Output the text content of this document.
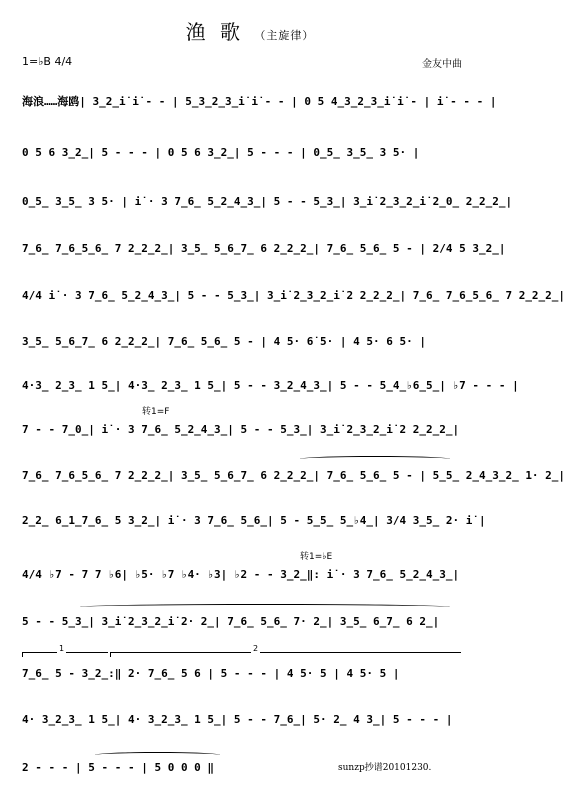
渔 歌 （主旋律）
1=♭B 4/4	金友中曲
海浪……海鸥| 3̲2̲i̇ i̇ - - | 5̲3̲2̲3̲i̇ i̇ - - | 0 5 4̲3̲2̲3̲i̇ i̇ - | i̇ - - - |
0 5 6 3̲2̲| 5 - - - | 0 5 6 3̲2̲| 5 - - - | 0̲5̲ 3̲5̲ 3 5· |
0̲5̲ 3̲5̲ 3 5· | i̇ · 3 7̲6̲ 5̲2̲4̲3̲| 5 - - 5̲3̲| 3̲i̇ 2̲3̲2̲i̇ 2̲0̲ 2̲2̲2̲|
7̲6̲ 7̲6̲5̲6̲ 7 2̲2̲2̲| 3̲5̲ 5̲6̲7̲ 6 2̲2̲2̲| 7̲6̲ 5̲6̲ 5 - | 2/4 5 3̲2̲|
4/4 i̇ · 3 7̲6̲ 5̲2̲4̲3̲| 5 - - 5̲3̲| 3̲i̇ 2̲3̲2̲i̇ 2 2̲2̲2̲| 7̲6̲ 7̲6̲5̲6̲ 7 2̲2̲2̲|
3̲5̲ 5̲6̲7̲ 6 2̲2̲2̲| 7̲6̲ 5̲6̲ 5 - | 4 5· 6̇ 5· | 4 5· 6 5· |
4·3̲ 2̲3̲ 1 5̲| 4·3̲ 2̲3̲ 1 5̲| 5 - - 3̲2̲4̲3̲| 5 - - 5̲4̲♭6̲5̲| ♭7 - - - |
转1=F
7 - - 7̲0̲| i̇ · 3 7̲6̲ 5̲2̲4̲3̲| 5 - - 5̲3̲| 3̲i̇ 2̲3̲2̲i̇ 2 2̲2̲2̲|
7̲6̲ 7̲6̲5̲6̲ 7 2̲2̲2̲| 3̲5̲ 5̲6̲7̲ 6 2̲2̲2̲| 7̲6̲ 5̲6̲ 5 - | 5̲5̲ 2̲4̲3̲2̲ 1· 2̲|
2̲2̲ 6̲1̲7̲6̲ 5 3̲2̲| i̇ · 3 7̲6̲ 5̲6̲| 5 - 5̲5̲ 5̲♭4̲| 3/4 3̲5̲ 2· i̇ |
转1=♭E
4/4 ♭7 - 7 7 ♭6| ♭5· ♭7 ♭4· ♭3| ♭2 - - 3̲2̲‖: i̇ · 3 7̲6̲ 5̲2̲4̲3̲|
5 - - 5̲3̲| 3̲i̇ 2̲3̲2̲i̇ 2· 2̲| 7̲6̲ 5̲6̲ 7· 2̲| 3̲5̲ 6̲7̲ 6 2̲|
1	2
7̲6̲ 5 - 3̲2̲:‖ 2· 7̲6̲ 5 6 | 5 - - - | 4 5· 5 | 4 5· 5 |
4· 3̲2̲3̲ 1 5̲| 4· 3̲2̲3̲ 1 5̲| 5 - - 7̲6̲| 5· 2̲ 4 3̲| 5 - - - |
2 - - - | 5 - - - | 5 0 0 0 ‖	sunzp抄谱20101230.
